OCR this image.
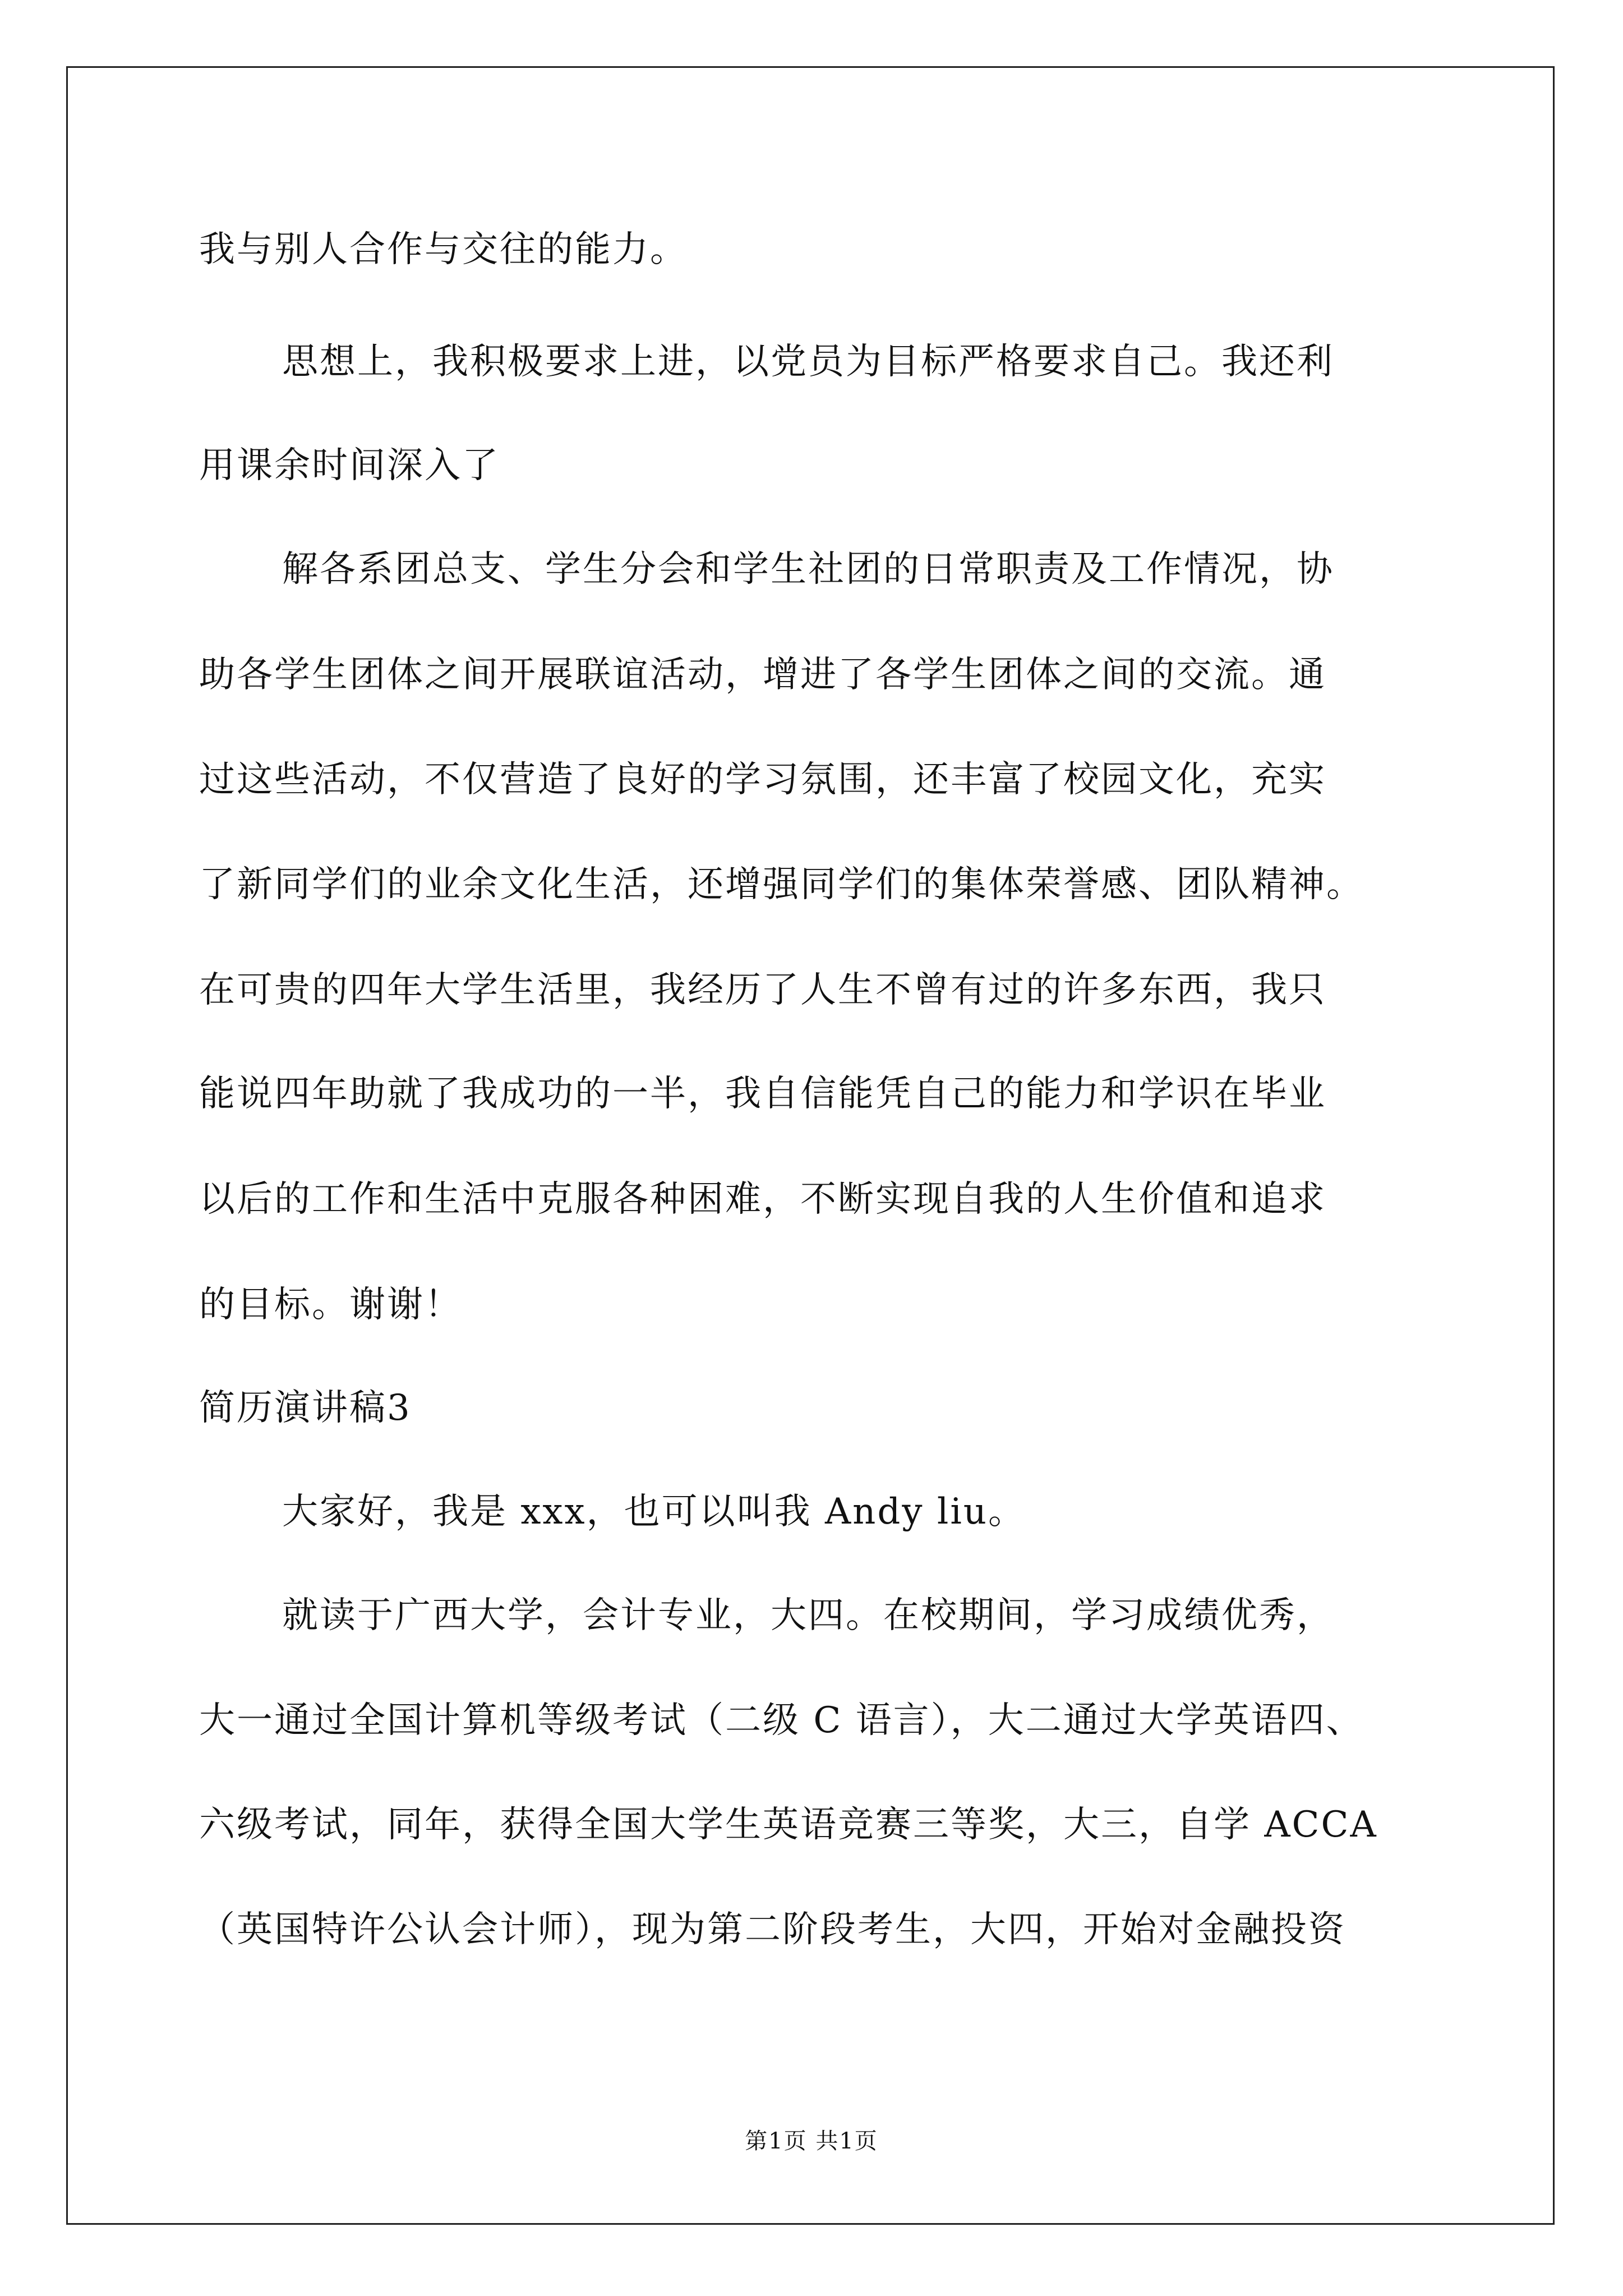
我与别人合作与交往的能力。
思想上，我积极要求上进，以党员为目标严格要求自己。我还利
用课余时间深入了
解各系团总支、学生分会和学生社团的日常职责及工作情况，协
助各学生团体之间开展联谊活动，增进了各学生团体之间的交流。通
过这些活动，不仅营造了良好的学习氛围，还丰富了校园文化，充实
了新同学们的业余文化生活，还增强同学们的集体荣誉感、团队精神。
在可贵的四年大学生活里，我经历了人生不曾有过的许多东西，我只
能说四年助就了我成功的一半，我自信能凭自己的能力和学识在毕业
以后的工作和生活中克服各种困难，不断实现自我的人生价值和追求
的目标。谢谢！
简历演讲稿3
大家好，我是 xxx，也可以叫我 Andy liu。
就读于广西大学，会计专业，大四。在校期间，学习成绩优秀，
大一通过全国计算机等级考试（二级 C 语言），大二通过大学英语四、
六级考试，同年，获得全国大学生英语竞赛三等奖，大三，自学 ACCA
（英国特许公认会计师），现为第二阶段考生，大四，开始对金融投资
第1页 共1页
